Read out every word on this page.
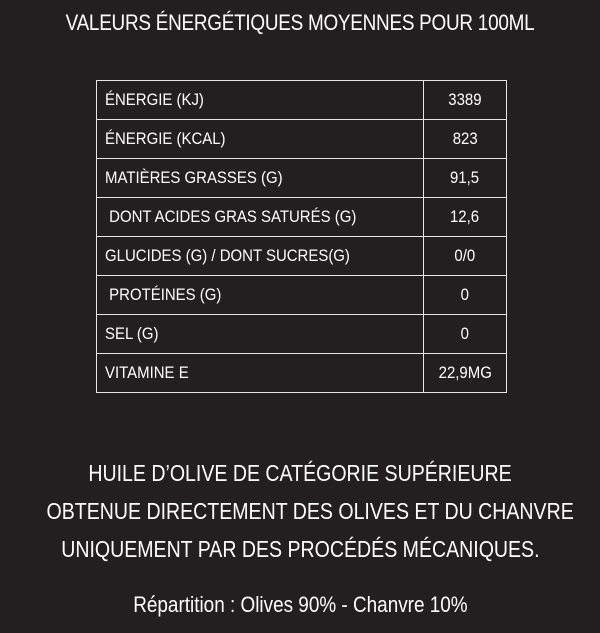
VALEURS ÉNERGÉTIQUES MOYENNES POUR 100ML
ÉNERGIE (KJ)	3389
ÉNERGIE (KCAL)	823
MATIÈRES GRASSES (G)	91,5
DONT ACIDES GRAS SATURÉS (G)	12,6
GLUCIDES (G) / DONT SUCRES(G)	0/0
PROTÉINES (G)	0
SEL (G)	0
VITAMINE E	22,9MG
HUILE D’OLIVE DE CATÉGORIE SUPÉRIEURE
OBTENUE DIRECTEMENT DES OLIVES ET DU CHANVRE
UNIQUEMENT PAR DES PROCÉDÉS MÉCANIQUES.
Répartition : Olives 90% - Chanvre 10%
